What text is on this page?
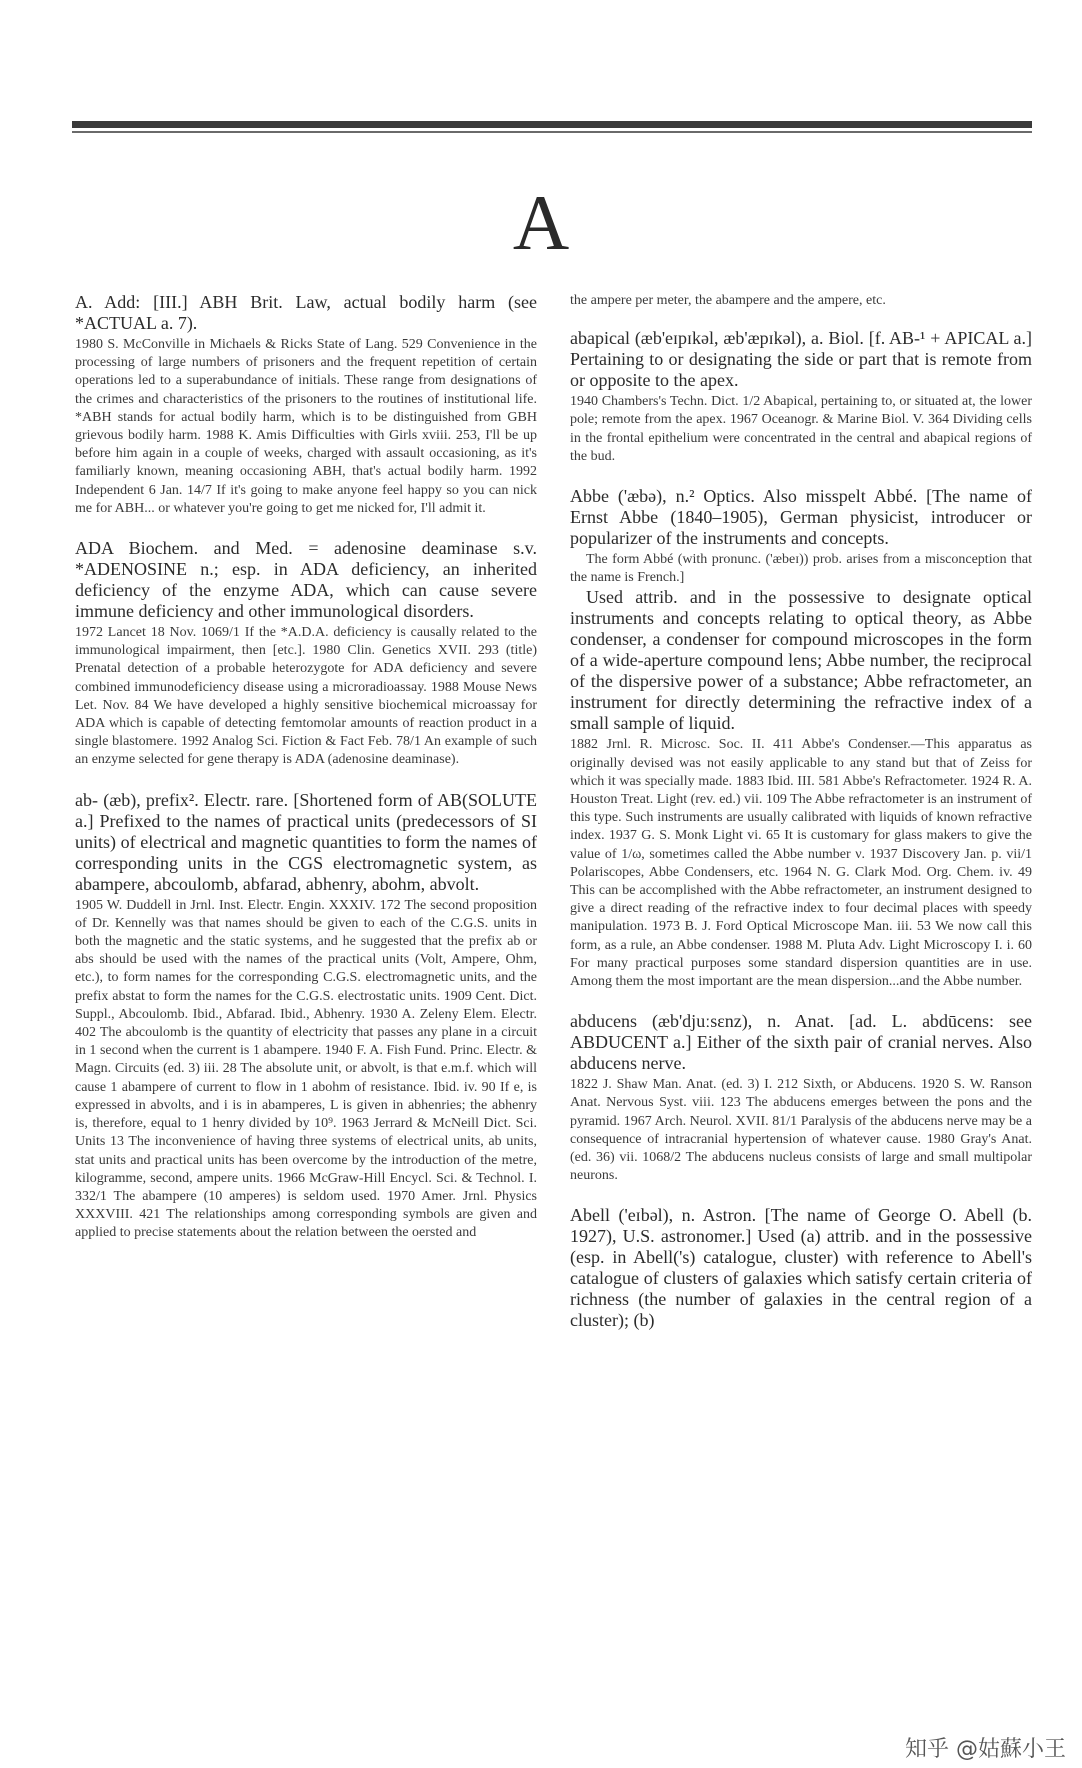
A

A. Add: [III.] ABH Brit. Law, actual bodily harm (see *ACTUAL a. 7).

1980 S. McConville in Michaels & Ricks State of Lang. 529 Convenience in the processing of large numbers of prisoners and the frequent repetition of certain operations led to a superabundance of initials. These range from designations of the crimes and characteristics of the prisoners to the routines of institutional life. *ABH stands for actual bodily harm, which is to be distinguished from GBH grievous bodily harm. 1988 K. Amis Difficulties with Girls xviii. 253, I'll be up before him again in a couple of weeks, charged with assault occasioning, as it's familiarly known, meaning occasioning ABH, that's actual bodily harm. 1992 Independent 6 Jan. 14/7 If it's going to make anyone feel happy so you can nick me for ABH... or whatever you're going to get me nicked for, I'll admit it.

ADA Biochem. and Med. = adenosine deaminase s.v. *ADENOSINE n.; esp. in ADA deficiency, an inherited deficiency of the enzyme ADA, which can cause severe immune deficiency and other immunological disorders.

1972 Lancet 18 Nov. 1069/1 If the *A.D.A. deficiency is causally related to the immunological impairment, then [etc.]. 1980 Clin. Genetics XVII. 293 (title) Prenatal detection of a probable heterozygote for ADA deficiency and severe combined immunodeficiency disease using a microradioassay. 1988 Mouse News Let. Nov. 84 We have developed a highly sensitive biochemical microassay for ADA which is capable of detecting femtomolar amounts of reaction product in a single blastomere. 1992 Analog Sci. Fiction & Fact Feb. 78/1 An example of such an enzyme selected for gene therapy is ADA (adenosine deaminase).

ab- (æb), prefix². Electr. rare. [Shortened form of AB(SOLUTE a.] Prefixed to the names of practical units (predecessors of SI units) of electrical and magnetic quantities to form the names of corresponding units in the CGS electromagnetic system, as abampere, abcoulomb, abfarad, abhenry, abohm, abvolt.

1905 W. Duddell in Jrnl. Inst. Electr. Engin. XXXIV. 172 The second proposition of Dr. Kennelly was that names should be given to each of the C.G.S. units in both the magnetic and the static systems, and he suggested that the prefix ab or abs should be used with the names of the practical units (Volt, Ampere, Ohm, etc.), to form names for the corresponding C.G.S. electromagnetic units, and the prefix abstat to form the names for the C.G.S. electrostatic units. 1909 Cent. Dict. Suppl., Abcoulomb. Ibid., Abfarad. Ibid., Abhenry. 1930 A. Zeleny Elem. Electr. 402 The abcoulomb is the quantity of electricity that passes any plane in a circuit in 1 second when the current is 1 abampere. 1940 F. A. Fish Fund. Princ. Electr. & Magn. Circuits (ed. 3) iii. 28 The absolute unit, or abvolt, is that e.m.f. which will cause 1 abampere of current to flow in 1 abohm of resistance. Ibid. iv. 90 If e, is expressed in abvolts, and i is in abamperes, L is given in abhenries; the abhenry is, therefore, equal to 1 henry divided by 10⁹. 1963 Jerrard & McNeill Dict. Sci. Units 13 The inconvenience of having three systems of electrical units, ab units, stat units and practical units has been overcome by the introduction of the metre, kilogramme, second, ampere units. 1966 McGraw-Hill Encycl. Sci. & Technol. I. 332/1 The abampere (10 amperes) is seldom used. 1970 Amer. Jrnl. Physics XXXVIII. 421 The relationships among corresponding symbols are given and applied to precise statements about the relation between the oersted and

the ampere per meter, the abampere and the ampere, etc.

abapical (æb'eɪpɪkəl, æb'æpɪkəl), a. Biol. [f. AB-¹ + APICAL a.] Pertaining to or designating the side or part that is remote from or opposite to the apex.

1940 Chambers's Techn. Dict. 1/2 Abapical, pertaining to, or situated at, the lower pole; remote from the apex. 1967 Oceanogr. & Marine Biol. V. 364 Dividing cells in the frontal epithelium were concentrated in the central and abapical regions of the bud.

Abbe ('æbə), n.² Optics. Also misspelt Abbé. [The name of Ernst Abbe (1840–1905), German physicist, introducer or popularizer of the instruments and concepts.

The form Abbé (with pronunc. ('æbeɪ)) prob. arises from a misconception that the name is French.]

Used attrib. and in the possessive to designate optical instruments and concepts relating to optical theory, as Abbe condenser, a condenser for compound microscopes in the form of a wide-aperture compound lens; Abbe number, the reciprocal of the dispersive power of a substance; Abbe refractometer, an instrument for directly determining the refractive index of a small sample of liquid.

1882 Jrnl. R. Microsc. Soc. II. 411 Abbe's Condenser.—This apparatus as originally devised was not easily applicable to any stand but that of Zeiss for which it was specially made. 1883 Ibid. III. 581 Abbe's Refractometer. 1924 R. A. Houston Treat. Light (rev. ed.) vii. 109 The Abbe refractometer is an instrument of this type. Such instruments are usually calibrated with liquids of known refractive index. 1937 G. S. Monk Light vi. 65 It is customary for glass makers to give the value of 1/ω, sometimes called the Abbe number ν. 1937 Discovery Jan. p. vii/1 Polariscopes, Abbe Condensers, etc. 1964 N. G. Clark Mod. Org. Chem. iv. 49 This can be accomplished with the Abbe refractometer, an instrument designed to give a direct reading of the refractive index to four decimal places with speedy manipulation. 1973 B. J. Ford Optical Microscope Man. iii. 53 We now call this form, as a rule, an Abbe condenser. 1988 M. Pluta Adv. Light Microscopy I. i. 60 For many practical purposes some standard dispersion quantities are in use. Among them the most important are the mean dispersion...and the Abbe number.

abducens (æb'djuːsɛnz), n. Anat. [ad. L. abdūcens: see ABDUCENT a.] Either of the sixth pair of cranial nerves. Also abducens nerve.

1822 J. Shaw Man. Anat. (ed. 3) I. 212 Sixth, or Abducens. 1920 S. W. Ranson Anat. Nervous Syst. viii. 123 The abducens emerges between the pons and the pyramid. 1967 Arch. Neurol. XVII. 81/1 Paralysis of the abducens nerve may be a consequence of intracranial hypertension of whatever cause. 1980 Gray's Anat. (ed. 36) vii. 1068/2 The abducens nucleus consists of large and small multipolar neurons.

Abell ('eɪbəl), n. Astron. [The name of George O. Abell (b. 1927), U.S. astronomer.] Used (a) attrib. and in the possessive (esp. in Abell('s) catalogue, cluster) with reference to Abell's catalogue of clusters of galaxies which satisfy certain criteria of richness (the number of galaxies in the central region of a cluster); (b)

知乎 @姑蘇小王
